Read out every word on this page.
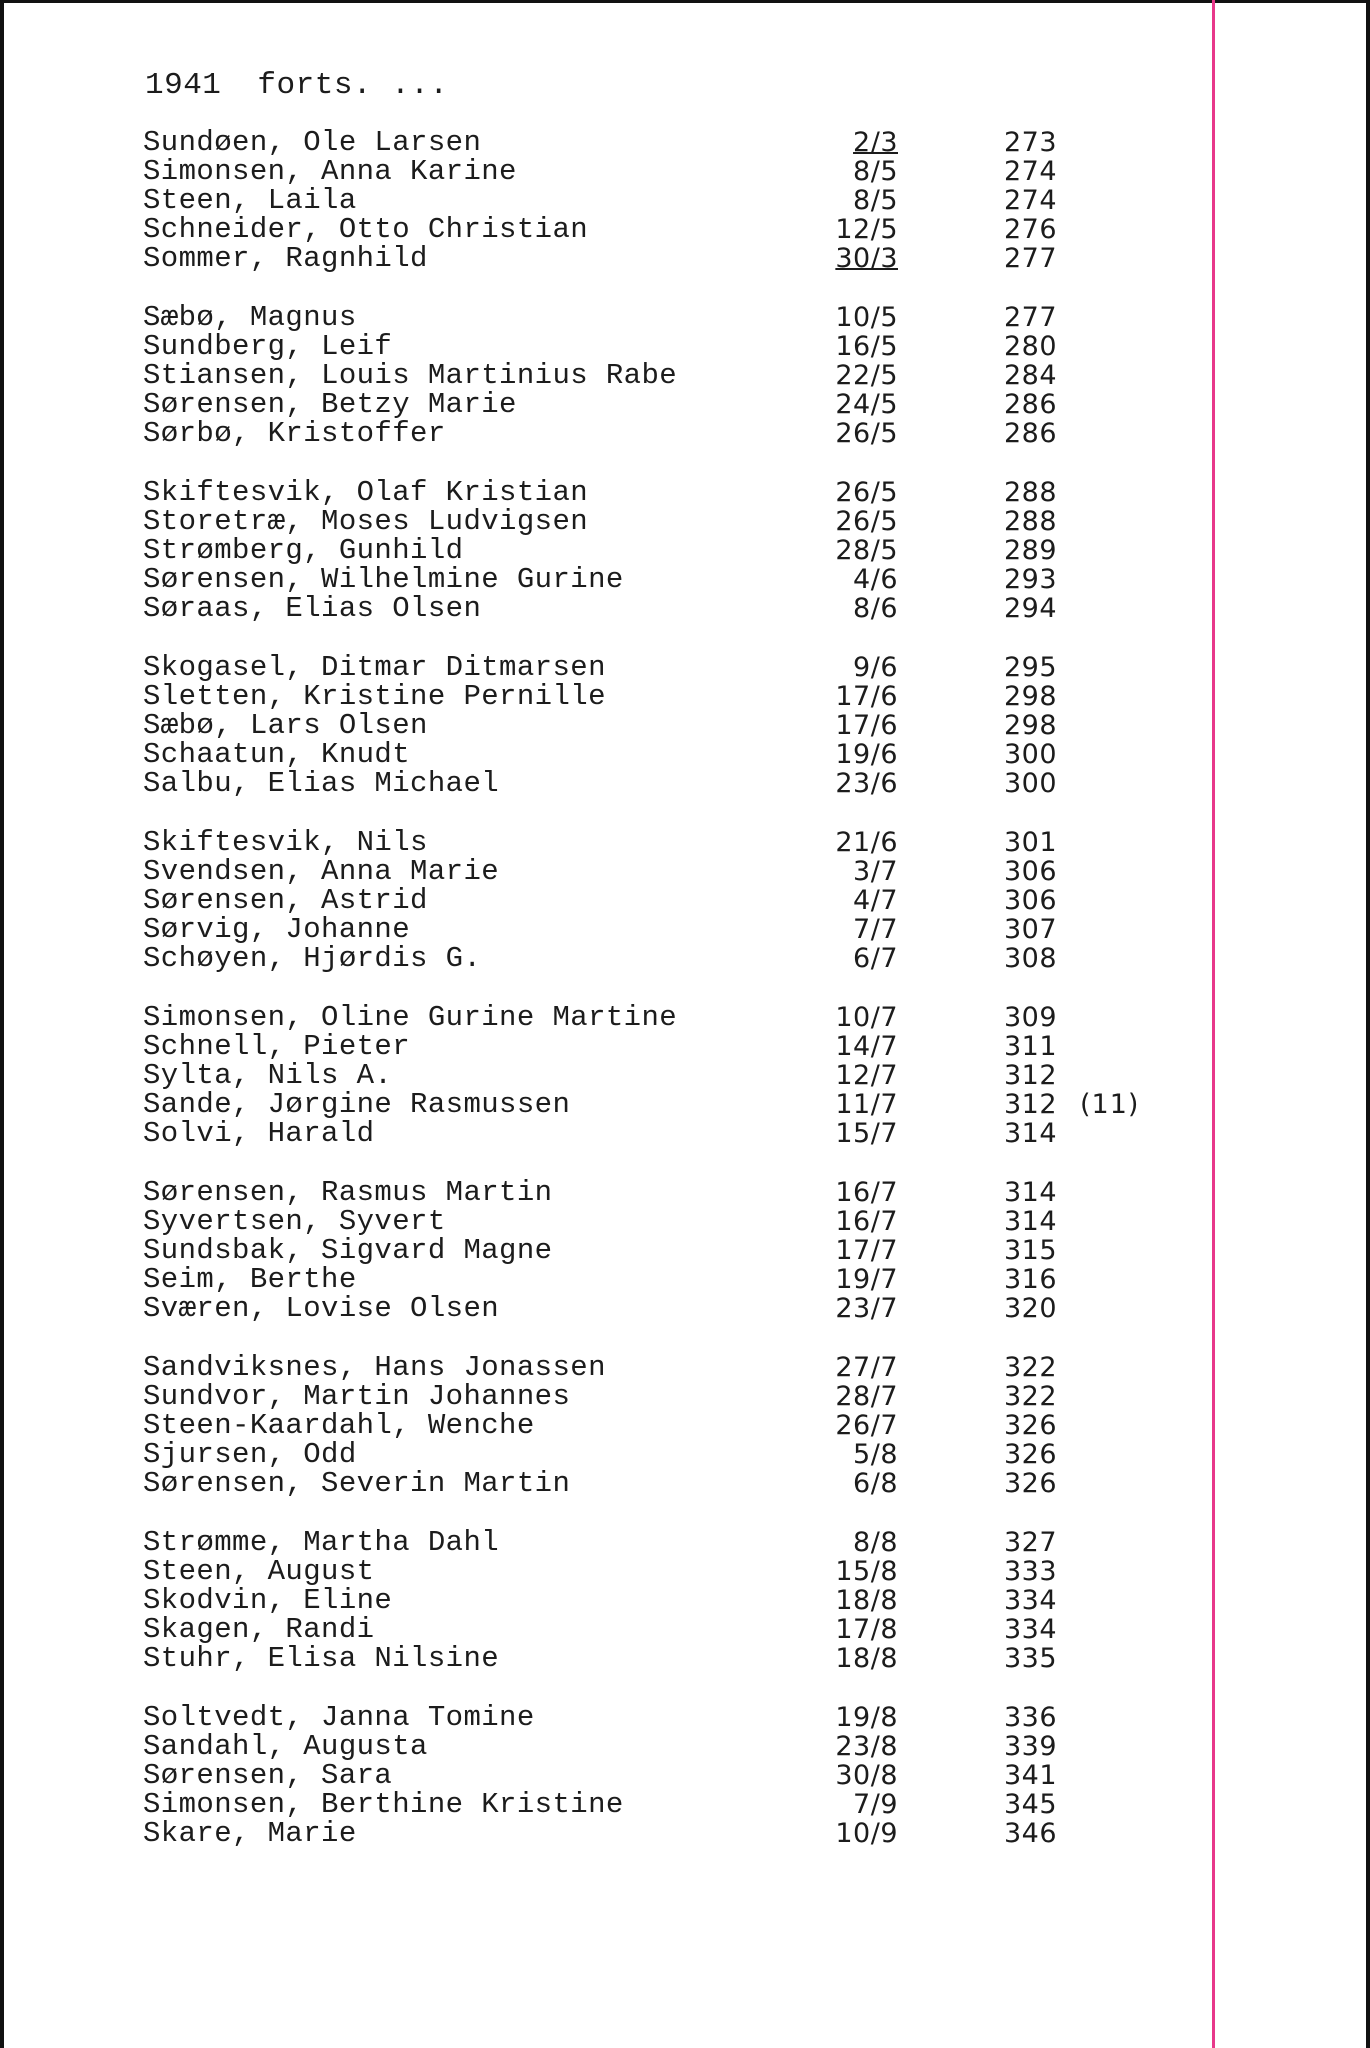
1941 forts. ...
Sundøen, Ole Larsen	2/3	273
Simonsen, Anna Karine	8/5	274
Steen, Laila	8/5	274
Schneider, Otto Christian	12/5	276
Sommer, Ragnhild	30/3	277
Sæbø, Magnus	10/5	277
Sundberg, Leif	16/5	280
Stiansen, Louis Martinius Rabe	22/5	284
Sørensen, Betzy Marie	24/5	286
Sørbø, Kristoffer	26/5	286
Skiftesvik, Olaf Kristian	26/5	288
Storetræ, Moses Ludvigsen	26/5	288
Strømberg, Gunhild	28/5	289
Sørensen, Wilhelmine Gurine	4/6	293
Søraas, Elias Olsen	8/6	294
Skogasel, Ditmar Ditmarsen	9/6	295
Sletten, Kristine Pernille	17/6	298
Sæbø, Lars Olsen	17/6	298
Schaatun, Knudt	19/6	300
Salbu, Elias Michael	23/6	300
Skiftesvik, Nils	21/6	301
Svendsen, Anna Marie	3/7	306
Sørensen, Astrid	4/7	306
Sørvig, Johanne	7/7	307
Schøyen, Hjørdis G.	6/7	308
Simonsen, Oline Gurine Martine	10/7	309
Schnell, Pieter	14/7	311
Sylta, Nils A.	12/7	312
Sande, Jørgine Rasmussen	11/7	312 (11)
Solvi, Harald	15/7	314
Sørensen, Rasmus Martin	16/7	314
Syvertsen, Syvert	16/7	314
Sundsbak, Sigvard Magne	17/7	315
Seim, Berthe	19/7	316
Sværen, Lovise Olsen	23/7	320
Sandviksnes, Hans Jonassen	27/7	322
Sundvor, Martin Johannes	28/7	322
Steen-Kaardahl, Wenche	26/7	326
Sjursen, Odd	5/8	326
Sørensen, Severin Martin	6/8	326
Strømme, Martha Dahl	8/8	327
Steen, August	15/8	333
Skodvin, Eline	18/8	334
Skagen, Randi	17/8	334
Stuhr, Elisa Nilsine	18/8	335
Soltvedt, Janna Tomine	19/8	336
Sandahl, Augusta	23/8	339
Sørensen, Sara	30/8	341
Simonsen, Berthine Kristine	7/9	345
Skare, Marie	10/9	346
